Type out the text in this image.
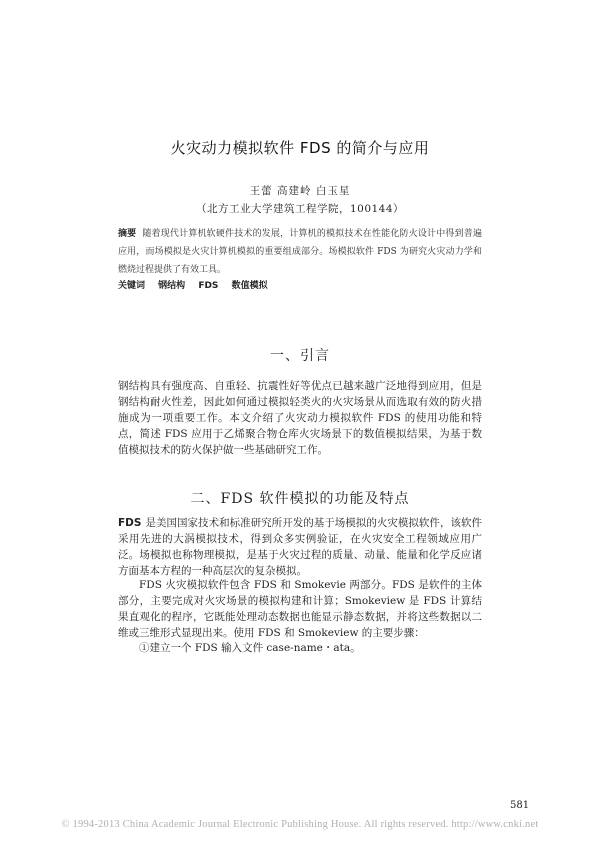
火灾动力模拟软件 FDS 的简介与应用
王蕾 高建岭 白玉星
（北方工业大学建筑工程学院，100144）
摘要 随着现代计算机软硬件技术的发展，计算机的模拟技术在性能化防火设计中得到普遍应用，而场模拟是火灾计算机模拟的重要组成部分。场模拟软件 FDS 为研究火灾动力学和燃烧过程提供了有效工具。
关键词 钢结构 FDS 数值模拟
一、引言
钢结构具有强度高、自重轻、抗震性好等优点已越来越广泛地得到应用，但是钢结构耐火性差，因此如何通过模拟轻类火的火灾场景从而选取有效的防火措施成为一项重要工作。本文介绍了火灾动力模拟软件 FDS 的使用功能和特点，简述 FDS 应用于乙烯聚合物仓库火灾场景下的数值模拟结果，为基于数值模拟技术的防火保护做一些基础研究工作。
二、FDS 软件模拟的功能及特点
FDS 是美国国家技术和标准研究所开发的基于场模拟的火灾模拟软件，该软件采用先进的大涡模拟技术，得到众多实例验证，在火灾安全工程领域应用广泛。场模拟也称物理模拟，是基于火灾过程的质量、动量、能量和化学反应诸方面基本方程的一种高层次的复杂模拟。
FDS 火灾模拟软件包含 FDS 和 Smokevie 两部分。FDS 是软件的主体部分，主要完成对火灾场景的模拟构建和计算；Smokeview 是 FDS 计算结果直观化的程序，它既能处理动态数据也能显示静态数据，并将这些数据以二维或三维形式显现出来。使用 FDS 和 Smokeview 的主要步骤：
①建立一个 FDS 输入文件 case-name・ata。
581
© 1994-2013 China Academic Journal Electronic Publishing House. All rights reserved. http://www.cnki.net
